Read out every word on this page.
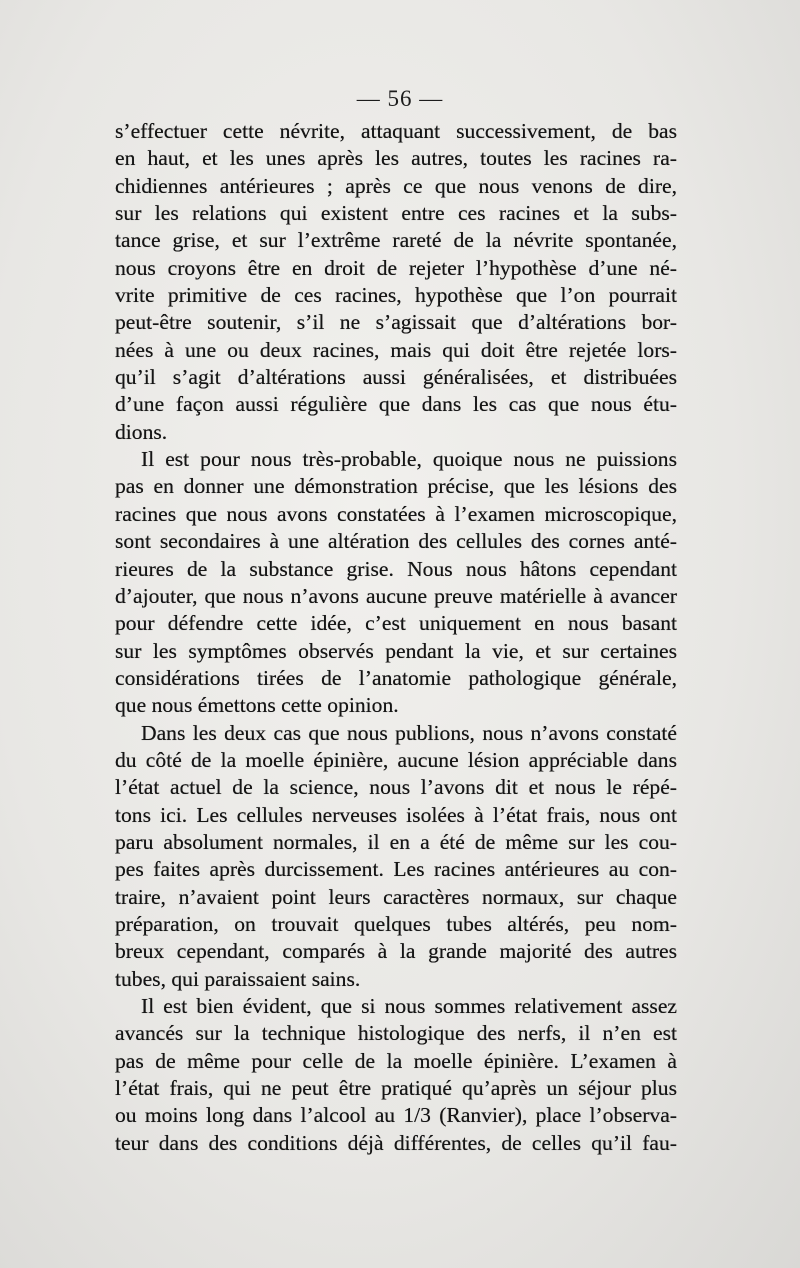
— 56 —
s’effectuer cette névrite, attaquant successivement, de bas
en haut, et les unes après les autres, toutes les racines ra-
chidiennes antérieures ; après ce que nous venons de dire,
sur les relations qui existent entre ces racines et la subs-
tance grise, et sur l’extrême rareté de la névrite spontanée,
nous croyons être en droit de rejeter l’hypothèse d’une né-
vrite primitive de ces racines, hypothèse que l’on pourrait
peut-être soutenir, s’il ne s’agissait que d’altérations bor-
nées à une ou deux racines, mais qui doit être rejetée lors-
qu’il s’agit d’altérations aussi généralisées, et distribuées
d’une façon aussi régulière que dans les cas que nous étu-
dions.
Il est pour nous très-probable, quoique nous ne puissions
pas en donner une démonstration précise, que les lésions des
racines que nous avons constatées à l’examen microscopique,
sont secondaires à une altération des cellules des cornes anté-
rieures de la substance grise. Nous nous hâtons cependant
d’ajouter, que nous n’avons aucune preuve matérielle à avancer
pour défendre cette idée, c’est uniquement en nous basant
sur les symptômes observés pendant la vie, et sur certaines
considérations tirées de l’anatomie pathologique générale,
que nous émettons cette opinion.
Dans les deux cas que nous publions, nous n’avons constaté
du côté de la moelle épinière, aucune lésion appréciable dans
l’état actuel de la science, nous l’avons dit et nous le répé-
tons ici. Les cellules nerveuses isolées à l’état frais, nous ont
paru absolument normales, il en a été de même sur les cou-
pes faites après durcissement. Les racines antérieures au con-
traire, n’avaient point leurs caractères normaux, sur chaque
préparation, on trouvait quelques tubes altérés, peu nom-
breux cependant, comparés à la grande majorité des autres
tubes, qui paraissaient sains.
Il est bien évident, que si nous sommes relativement assez
avancés sur la technique histologique des nerfs, il n’en est
pas de même pour celle de la moelle épinière. L’examen à
l’état frais, qui ne peut être pratiqué qu’après un séjour plus
ou moins long dans l’alcool au 1/3 (Ranvier), place l’observa-
teur dans des conditions déjà différentes, de celles qu’il fau-
